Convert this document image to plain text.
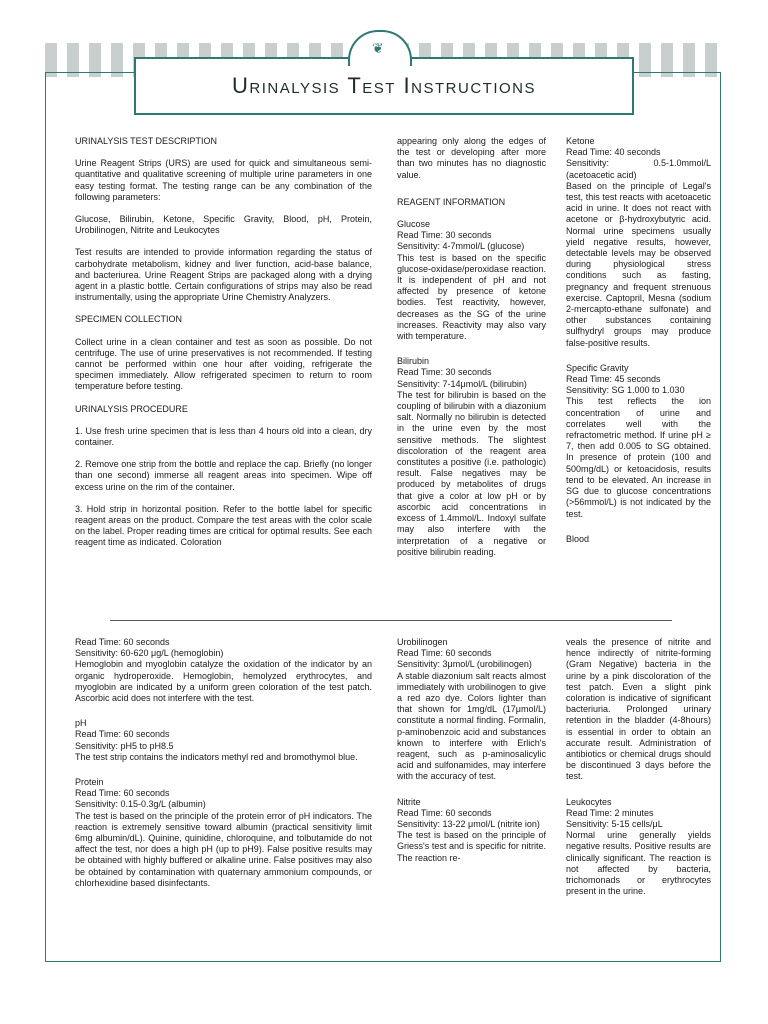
❦
Urinalysis Test Instructions

URINALYSIS TEST DESCRIPTION

Urine Reagent Strips (URS) are used for quick and simultaneous semi-quantitative and qualitative screening of multiple urine parameters in one easy testing format. The testing range can be any combination of the following parameters:

Glucose, Bilirubin, Ketone, Specific Gravity, Blood, pH, Protein, Urobilinogen, Nitrite and Leukocytes

Test results are intended to provide information regarding the status of carbohydrate metabolism, kidney and liver function, acid-base balance, and bacteriurea. Urine Reagent Strips are packaged along with a drying agent in a plastic bottle. Certain configurations of strips may also be read instrumentally, using the appropriate Urine Chemistry Analyzers.

SPECIMEN COLLECTION

Collect urine in a clean container and test as soon as possible. Do not centrifuge. The use of urine preservatives is not recommended. If testing cannot be performed within one hour after voiding, refrigerate the specimen immediately. Allow refrigerated specimen to return to room temperature before testing.

URINALYSIS PROCEDURE

1. Use fresh urine specimen that is less than 4 hours old into a clean, dry container.

2. Remove one strip from the bottle and replace the cap. Briefly (no longer than one second) immerse all reagent areas into specimen. Wipe off excess urine on the rim of the container.

3. Hold strip in horizontal position. Refer to the bottle label for specific reagent areas on the product. Compare the test areas with the color scale on the label. Proper reading times are critical for optimal results. See each reagent time as indicated. Coloration

appearing only along the edges of the test or developing after more than two minutes has no diagnostic value.

REAGENT INFORMATION

Glucose

Read Time: 30 seconds

Sensitivity: 4-7mmol/L (glucose)

This test is based on the specific glucose-oxidase/peroxidase reaction. It is independent of pH and not affected by presence of ketone bodies. Test reactivity, however, decreases as the SG of the urine increases. Reactivity may also vary with temperature.

Bilirubin

Read Time: 30 seconds

Sensitivity: 7-14μmol/L (bilirubin)

The test for bilirubin is based on the coupling of bilirubin with a diazonium salt. Normally no bilirubin is detected in the urine even by the most sensitive methods. The slightest discoloration of the reagent area constitutes a positive (i.e. pathologic) result. False negatives may be produced by metabolites of drugs that give a color at low pH or by ascorbic acid concentrations in excess of 1.4mmol/L. Indoxyl sulfate may also interfere with the interpretation of a negative or positive bilirubin reading.

Ketone

Read Time: 40 seconds

Sensitivity: 0.5-1.0mmol/L (acetoacetic acid)

Based on the principle of Legal's test, this test reacts with acetoacetic acid in urine. It does not react with acetone or β-hydroxybutyric acid. Normal urine specimens usually yield negative results, however, detectable levels may be observed during physiological stress conditions such as fasting, pregnancy and frequent strenuous exercise. Captopril, Mesna (sodium 2-mercapto-ethane sulfonate) and other substances containing sulfhydryl groups may produce false-positive results.

Specific Gravity

Read Time: 45 seconds

Sensitivity: SG 1.000 to 1.030

This test reflects the ion concentration of urine and correlates well with the refractometric method. If urine pH ≥ 7, then add 0.005 to SG obtained. In presence of protein (100 and 500mg/dL) or ketoacidosis, results tend to be elevated. An increase in SG due to glucose concentrations (>56mmol/L) is not indicated by the test.

Blood

Read Time: 60 seconds

Sensitivity: 60-620 μg/L (hemoglobin)

Hemoglobin and myoglobin catalyze the oxidation of the indicator by an organic hydroperoxide. Hemoglobin, hemolyzed erythrocytes, and myoglobin are indicated by a uniform green coloration of the test patch. Ascorbic acid does not interfere with the test.

pH

Read Time: 60 seconds

Sensitivity: pH5 to pH8.5

The test strip contains the indicators methyl red and bromothymol blue.

Protein

Read Time: 60 seconds

Sensitivity: 0.15-0.3g/L (albumin)

The test is based on the principle of the protein error of pH indicators. The reaction is extremely sensitive toward albumin (practical sensitivity limit 6mg albumin/dL). Quinine, quinidine, chloroquine, and tolbutamide do not affect the test, nor does a high pH (up to pH9). False positive results may be obtained with highly buffered or alkaline urine. False positives may also be obtained by contamination with quaternary ammonium compounds, or chlorhexidine based disinfectants.

Urobilinogen

Read Time: 60 seconds

Sensitivity: 3μmol/L (urobilinogen)

A stable diazonium salt reacts almost immediately with urobilinogen to give a red azo dye. Colors lighter than that shown for 1mg/dL (17μmol/L) constitute a normal finding. Formalin, p-aminobenzoic acid and substances known to interfere with Erlich's reagent, such as p-aminosalicylic acid and sulfonamides, may interfere with the accuracy of test.

Nitrite

Read Time: 60 seconds

Sensitivity: 13-22 μmol/L (nitrite ion)

The test is based on the principle of Griess's test and is specific for nitrite. The reaction re-

veals the presence of nitrite and hence indirectly of nitrite-forming (Gram Negative) bacteria in the urine by a pink discoloration of the test patch. Even a slight pink coloration is indicative of significant bacteriuria. Prolonged urinary retention in the bladder (4-8hours) is essential in order to obtain an accurate result. Administration of antibiotics or chemical drugs should be discontinued 3 days before the test.

Leukocytes

Read Time: 2 minutes

Sensitivity: 5-15 cells/μL

Normal urine generally yields negative results. Positive results are clinically significant. The reaction is not affected by bacteria, trichomonads or erythrocytes present in the urine.
